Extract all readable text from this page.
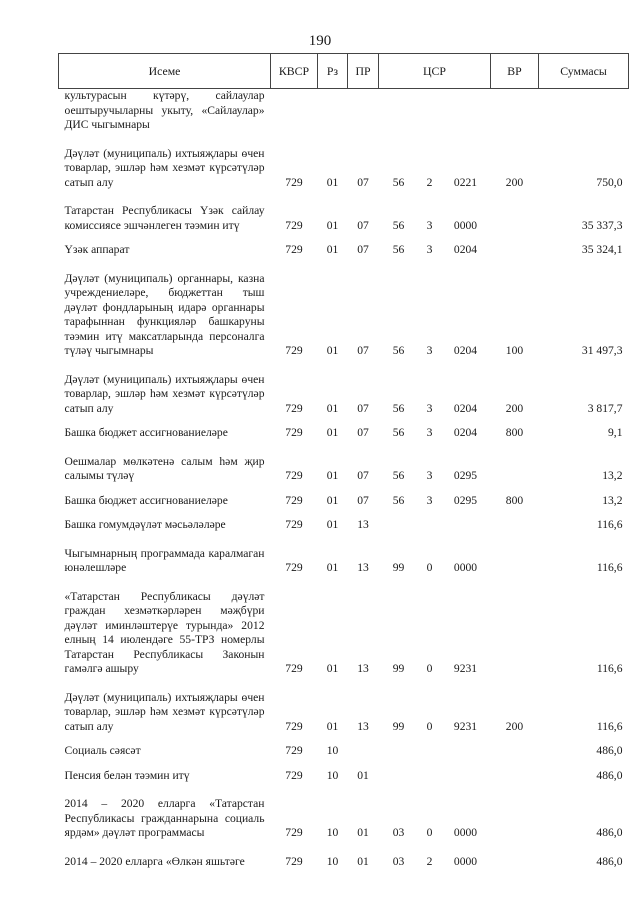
190
Исеме	КВСР	Рз	ПР	ЦСР			ВР	Суммасы
культурасын күтәрү, сайлаулар оештыручыларны укыту, «Сайлаулар» ДИС чыгымнары								
Дәүләт (муниципаль) ихтыяҗлары өчен товарлар, эшләр һәм хезмәт күрсәтүләр сатып алу	729	01	07	56	2	0221	200	750,0
Татарстан Республикасы Үзәк сайлау комиссиясе эшчәнлеген тәэмин итү	729	01	07	56	3	0000		35 337,3
Үзәк аппарат	729	01	07	56	3	0204		35 324,1
Дәүләт (муниципаль) органнары, казна учреждениеләре, бюджеттан тыш дәүләт фондларының идарә органнары тарафыннан функцияләр башкаруны тәэмин итү максатларында персоналга түләү чыгымнары	729	01	07	56	3	0204	100	31 497,3
Дәүләт (муниципаль) ихтыяҗлары өчен товарлар, эшләр һәм хезмәт күрсәтүләр сатып алу	729	01	07	56	3	0204	200	3 817,7
Башка бюджет ассигнованиеләре	729	01	07	56	3	0204	800	9,1
Оешмалар мөлкәтенә салым һәм җир салымы түләү	729	01	07	56	3	0295		13,2
Башка бюджет ассигнованиеләре	729	01	07	56	3	0295	800	13,2
Башка гомумдәүләт мәсьәләләре	729	01	13					116,6
Чыгымнарның программада каралмаган юнәлешләре	729	01	13	99	0	0000		116,6
«Татарстан Республикасы дәүләт граждан хезмәткәрләрен мәҗбүри дәүләт иминләштерүе турында» 2012 елның 14 июлендәге 55-ТРЗ номерлы Татарстан Республикасы Законын гамәлгә ашыру	729	01	13	99	0	9231		116,6
Дәүләт (муниципаль) ихтыяҗлары өчен товарлар, эшләр һәм хезмәт күрсәтүләр сатып алу	729	01	13	99	0	9231	200	116,6
Социаль сәясәт	729	10						486,0
Пенсия белән тәэмин итү	729	10	01					486,0
2014 – 2020 елларга «Татарстан Республикасы гражданнарына социаль ярдәм» дәүләт программасы	729	10	01	03	0	0000		486,0
2014 – 2020 елларга «Өлкән яшьтәге	729	10	01	03	2	0000		486,0
